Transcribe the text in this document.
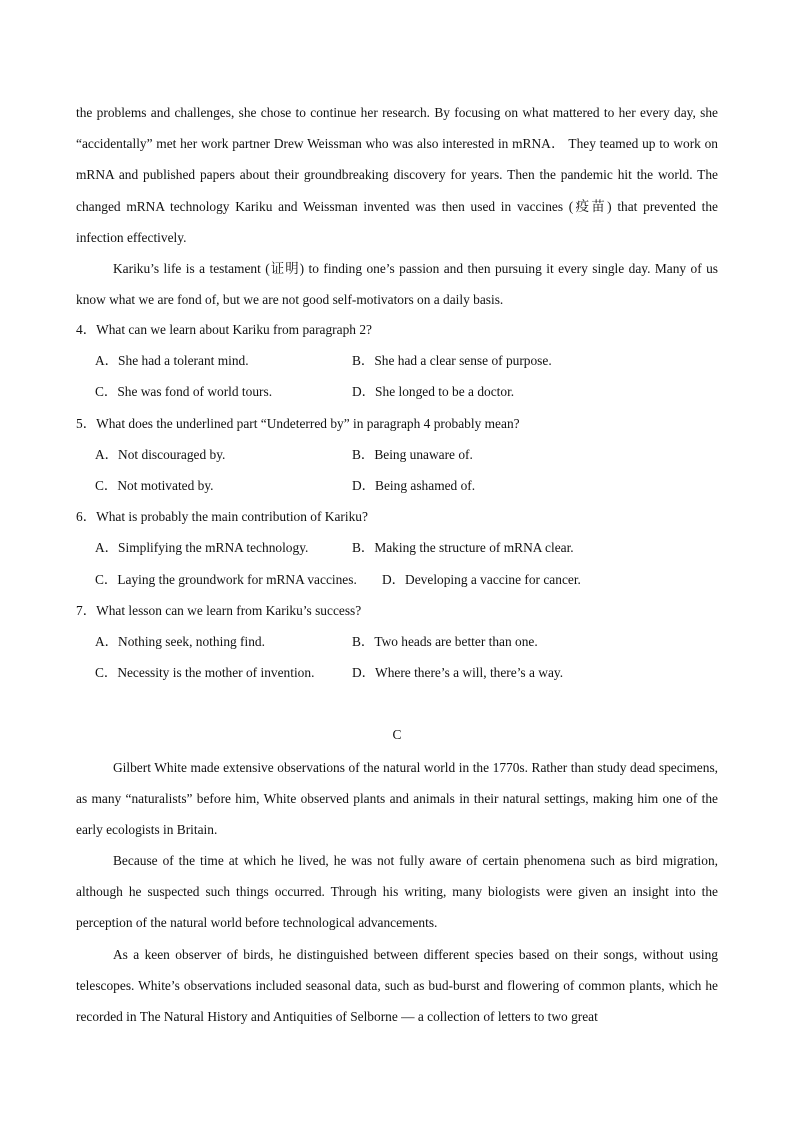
the problems and challenges, she chose to continue her research. By focusing on what mattered to her every day, she “accidentally” met her work partner Drew Weissman who was also interested in mRNA． They teamed up to work on mRNA and published papers about their groundbreaking discovery for years. Then the pandemic hit the world. The changed mRNA technology Kariku and Weissman invented was then used in vaccines (疫苗) that prevented the infection effectively.

Kariku’s life is a testament (证明) to finding one’s passion and then pursuing it every single day. Many of us know what we are fond of, but we are not good self-motivators on a daily basis.

4．What can we learn about Kariku from paragraph 2?
A．She had a tolerant mind.	B．She had a clear sense of purpose.
C．She was fond of world tours.	D．She longed to be a doctor.
5．What does the underlined part “Undeterred by” in paragraph 4 probably mean?
A．Not discouraged by.	B．Being unaware of.
C．Not motivated by.	D．Being ashamed of.
6．What is probably the main contribution of Kariku?
A．Simplifying the mRNA technology.	B．Making the structure of mRNA clear.
C．Laying the groundwork for mRNA vaccines. D．Developing a vaccine for cancer.
7．What lesson can we learn from Kariku’s success?
A．Nothing seek, nothing find.	B．Two heads are better than one.
C．Necessity is the mother of invention.	D．Where there’s a will, there’s a way.
C

Gilbert White made extensive observations of the natural world in the 1770s. Rather than study dead specimens, as many “naturalists” before him, White observed plants and animals in their natural settings, making him one of the early ecologists in Britain.

Because of the time at which he lived, he was not fully aware of certain phenomena such as bird migration, although he suspected such things occurred. Through his writing, many biologists were given an insight into the perception of the natural world before technological advancements.

As a keen observer of birds, he distinguished between different species based on their songs, without using telescopes. White’s observations included seasonal data, such as bud-burst and flowering of common plants, which he recorded in The Natural History and Antiquities of Selborne — a collection of letters to two great
